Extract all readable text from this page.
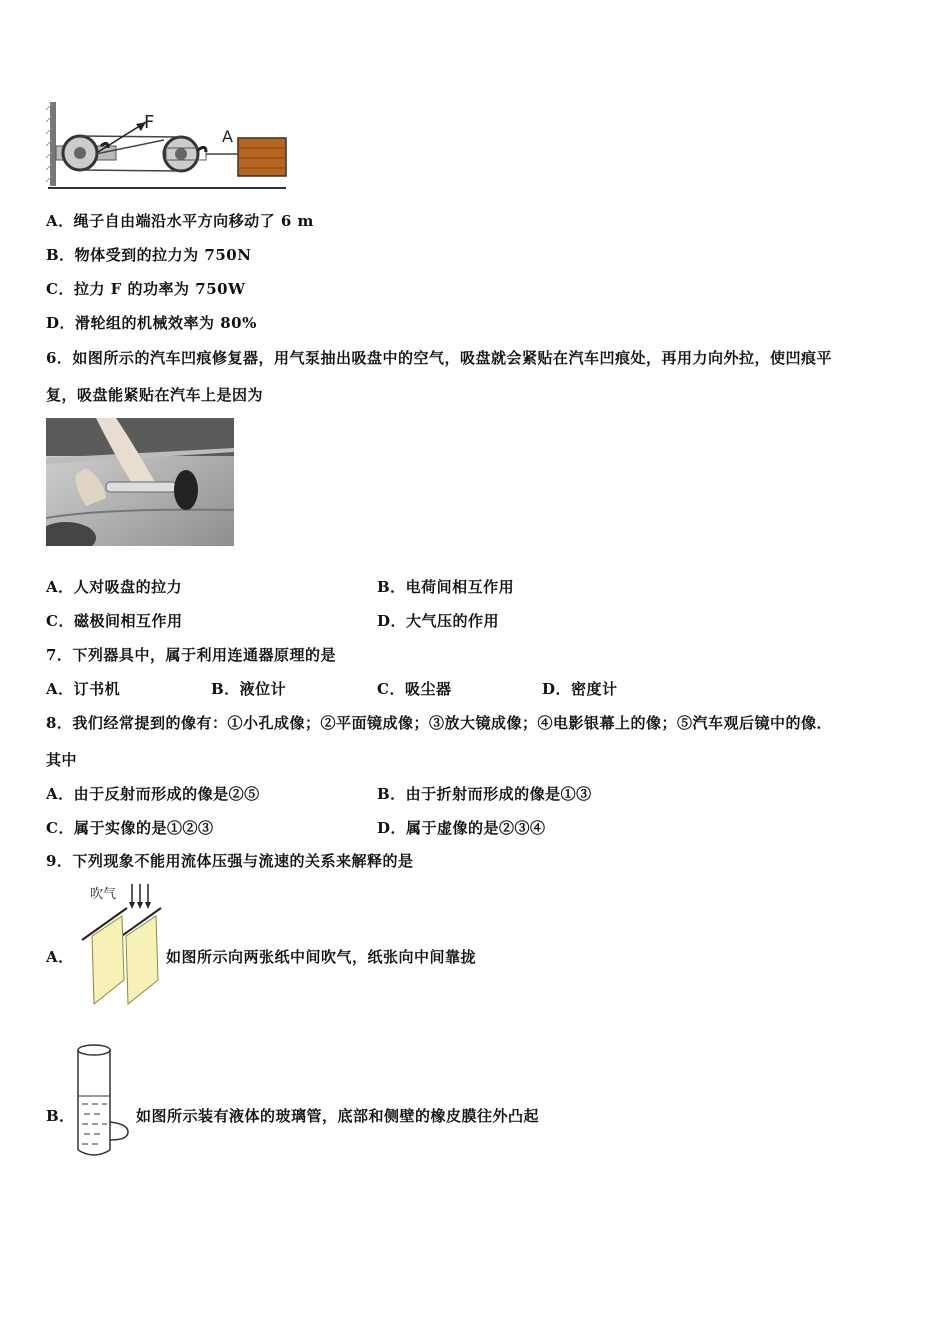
F
A
A．绳子自由端沿水平方向移动了 6 m
B．物体受到的拉力为 750N
C．拉力 F 的功率为 750W
D．滑轮组的机械效率为 80%
6．如图所示的汽车凹痕修复器，用气泵抽出吸盘中的空气，吸盘就会紧贴在汽车凹痕处，再用力向外拉，使凹痕平
复，吸盘能紧贴在汽车上是因为
A．人对吸盘的拉力	B．电荷间相互作用
C．磁极间相互作用	D．大气压的作用
7．下列器具中，属于利用连通器原理的是
A．订书机	B．液位计	C．吸尘器	D．密度计
8．我们经常提到的像有：①小孔成像；②平面镜成像；③放大镜成像；④电影银幕上的像；⑤汽车观后镜中的像．
其中
A．由于反射而形成的像是②⑤	B．由于折射而形成的像是①③
C．属于实像的是①②③	D．属于虚像的是②③④
9．下列现象不能用流体压强与流速的关系来解释的是
A．
吹气
如图所示向两张纸中间吹气，纸张向中间靠拢
B．	如图所示装有液体的玻璃管，底部和侧壁的橡皮膜往外凸起
